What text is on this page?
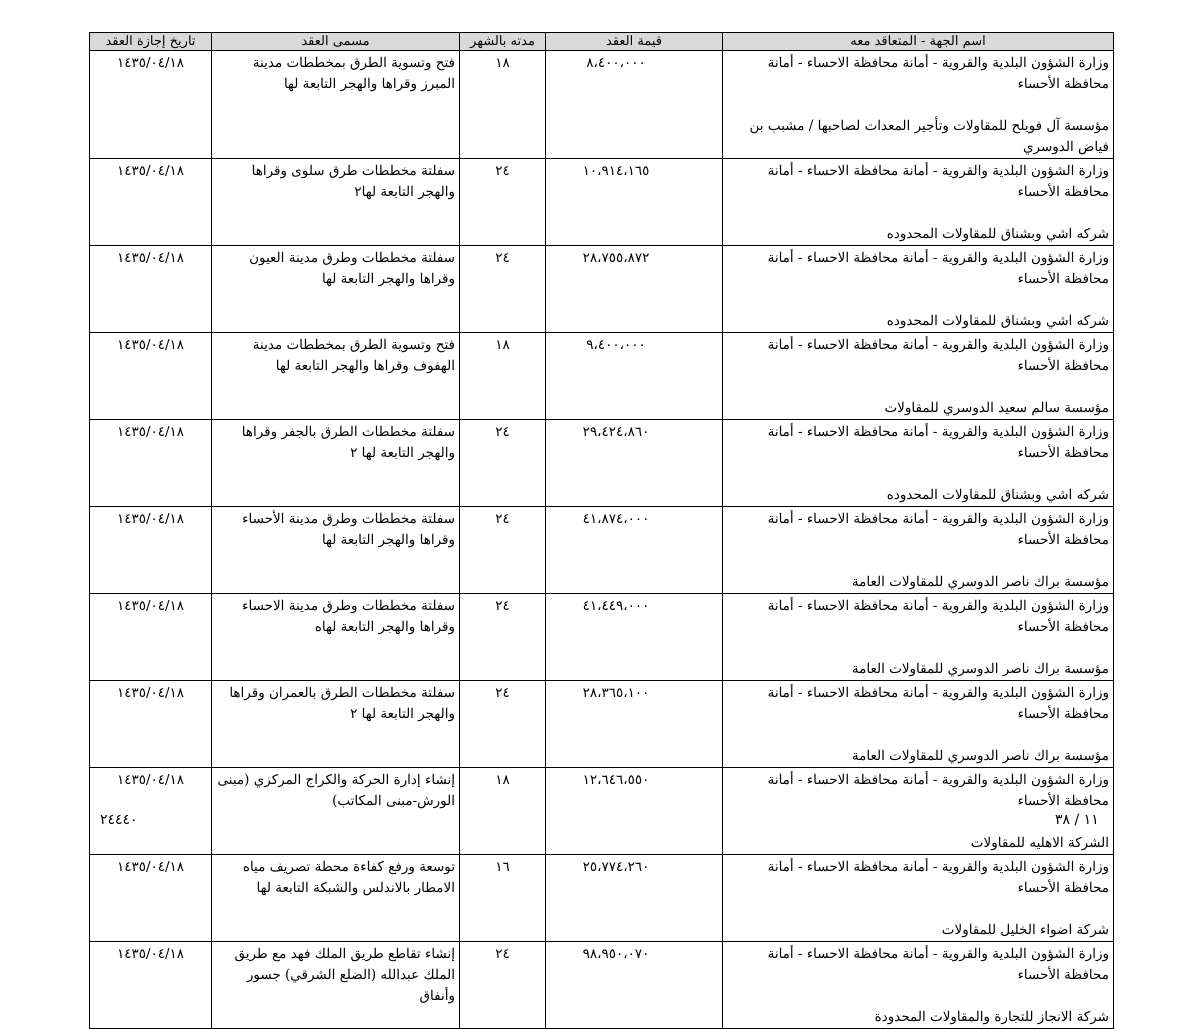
اسم الجهة - المتعاقد معه	قيمة العقد	مدته بالشهر	مسمى العقد	تاريخ إجازة العقد

وزارة الشؤون البلدية والقروية - أمانة محافظة الاحساء - أمانة محافظة الأحساء
مؤسسة آل فويلح للمقاولات وتأجير المعدات لصاحبها / مشبب بن فياض الدوسري	٨،٤٠٠،٠٠٠	١٨	فتح وتسوية الطرق بمخططات مدينة المبرز وقراها والهجر التابعة لها	١٤٣٥/٠٤/١٨

وزارة الشؤون البلدية والقروية - أمانة محافظة الاحساء - أمانة محافظة الأحساء
شركه اشي وبشناق للمقاولات المحدوده	١٠،٩١٤،١٦٥	٢٤	سفلتة مخططات طرق سلوى وقراها والهجر التابعة لها٢	١٤٣٥/٠٤/١٨

وزارة الشؤون البلدية والقروية - أمانة محافظة الاحساء - أمانة محافظة الأحساء
شركه اشي وبشناق للمقاولات المحدوده	٢٨،٧٥٥،٨٧٢	٢٤	سفلتة مخططات وطرق مدينة العيون وقراها والهجر التابعة لها	١٤٣٥/٠٤/١٨

وزارة الشؤون البلدية والقروية - أمانة محافظة الاحساء - أمانة محافظة الأحساء
مؤسسة سالم سعيد الدوسري للمقاولات	٩،٤٠٠،٠٠٠	١٨	فتح وتسوية الطرق بمخططات مدينة الهفوف وقراها والهجر التابعة لها	١٤٣٥/٠٤/١٨

وزارة الشؤون البلدية والقروية - أمانة محافظة الاحساء - أمانة محافظة الأحساء
شركه اشي وبشناق للمقاولات المحدوده	٢٩،٤٢٤،٨٦٠	٢٤	سفلتة مخططات الطرق بالجفر وقراها والهجر التابعة لها ٢	١٤٣٥/٠٤/١٨

وزارة الشؤون البلدية والقروية - أمانة محافظة الاحساء - أمانة محافظة الأحساء
مؤسسة براك ناصر الدوسري للمقاولات العامة	٤١،٨٧٤،٠٠٠	٢٤	سفلتة مخططات وطرق مدينة الأحساء وقراها والهجر التابعة لها	١٤٣٥/٠٤/١٨

وزارة الشؤون البلدية والقروية - أمانة محافظة الاحساء - أمانة محافظة الأحساء
مؤسسة براك ناصر الدوسري للمقاولات العامة	٤١،٤٤٩،٠٠٠	٢٤	سفلتة مخططات وطرق مدينة الاحساء وقراها والهجر التابعة لهاه	١٤٣٥/٠٤/١٨

وزارة الشؤون البلدية والقروية - أمانة محافظة الاحساء - أمانة محافظة الأحساء
مؤسسة براك ناصر الدوسري للمقاولات العامة	٢٨،٣٦٥،١٠٠	٢٤	سفلتة مخططات الطرق بالعمران وقراها والهجر التابعة لها ٢	١٤٣٥/٠٤/١٨

وزارة الشؤون البلدية والقروية - أمانة محافظة الاحساء - أمانة محافظة الأحساء
الشركة الاهليه للمقاولات	١٢،٦٤٦،٥٥٠	١٨	إنشاء إدارة الحركة والكراج المركزي (مبنى الورش-مبنى المكاتب)	١٤٣٥/٠٤/١٨

وزارة الشؤون البلدية والقروية - أمانة محافظة الاحساء - أمانة محافظة الأحساء
شركة اضواء الخليل للمقاولات	٢٥،٧٧٤،٢٦٠	١٦	توسعة ورفع كفاءة محطة تصريف مياه الامطار بالاندلس والشبكة التابعة لها	١٤٣٥/٠٤/١٨

وزارة الشؤون البلدية والقروية - أمانة محافظة الاحساء - أمانة محافظة الأحساء
شركة الانجاز للتجارة والمقاولات المحدودة	٩٨،٩٥٠،٠٧٠	٢٤	إنشاء تقاطع طريق الملك فهد مع طريق الملك عبدالله (الضلع الشرقي) جسور وأنفاق	١٤٣٥/٠٤/١٨
٢٤٤٤٠	١١ / ٣٨
